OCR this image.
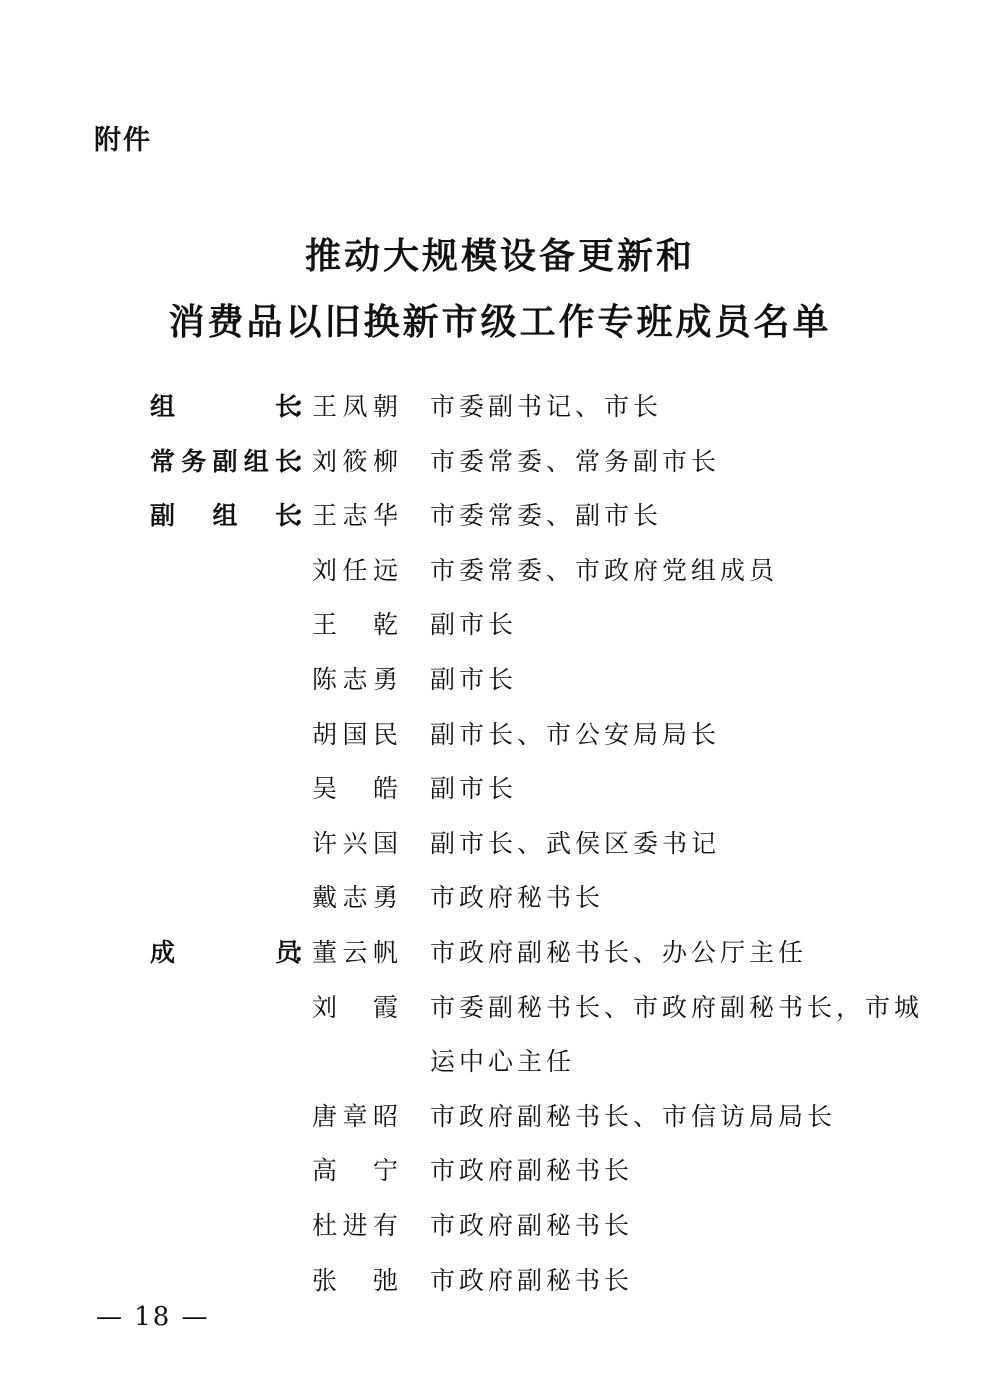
附件
推动大规模设备更新和
消费品以旧换新市级工作专班成员名单
组	长
：
王 凤 朝 市委副书记、市长
常 务 副 组 长
：
刘 筱 柳 市委常委、常务副市长
副 组 长
：
王 志 华 市委常委、副市长
刘 任 远 市委常委、市政府党组成员
王 乾 副市长
陈 志 勇 副市长
胡 国 民 副市长、市公安局局长
吴 皓 副市长
许 兴 国 副市长、武侯区委书记
戴 志 勇 市政府秘书长
成	员
：
董 云 帆 市政府副秘书长、办公厅主任
刘 霞 市委副秘书长、市政府副秘书长，市城
运中心主任
唐 章 昭 市政府副秘书长、市信访局局长
高 宁 市政府副秘书长
杜 进 有 市政府副秘书长
张 弛 市政府副秘书长
— 18 —
